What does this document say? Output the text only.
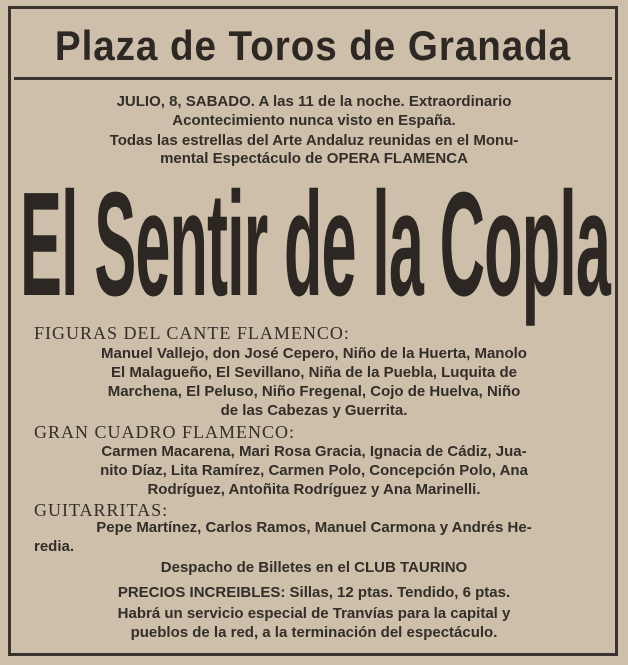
Plaza de Toros de Granada
JULIO, 8, SABADO. A las 11 de la noche. Extraordinario
Acontecimiento nunca visto en España.
Todas las estrellas del Arte Andaluz reunidas en el Monu-
mental Espectáculo de OPERA FLAMENCA
El Sentir de la Copla
FIGURAS DEL CANTE FLAMENCO:
Manuel Vallejo, don José Cepero, Niño de la Huerta, Manolo
El Malagueño, El Sevillano, Niña de la Puebla, Luquita de
Marchena, El Peluso, Niño Fregenal, Cojo de Huelva, Niño
de las Cabezas y Guerrita.
GRAN CUADRO FLAMENCO:
Carmen Macarena, Mari Rosa Gracia, Ignacia de Cádiz, Jua-
nito Díaz, Lita Ramírez, Carmen Polo, Concepción Polo, Ana
Rodríguez, Antoñita Rodríguez y Ana Marinelli.
GUITARRITAS:
Pepe Martínez, Carlos Ramos, Manuel Carmona y Andrés He-
redia.
Despacho de Billetes en el CLUB TAURINO
PRECIOS INCREIBLES: Sillas, 12 ptas. Tendido, 6 ptas.
Habrá un servicio especial de Tranvías para la capital y
pueblos de la red, a la terminación del espectáculo.
